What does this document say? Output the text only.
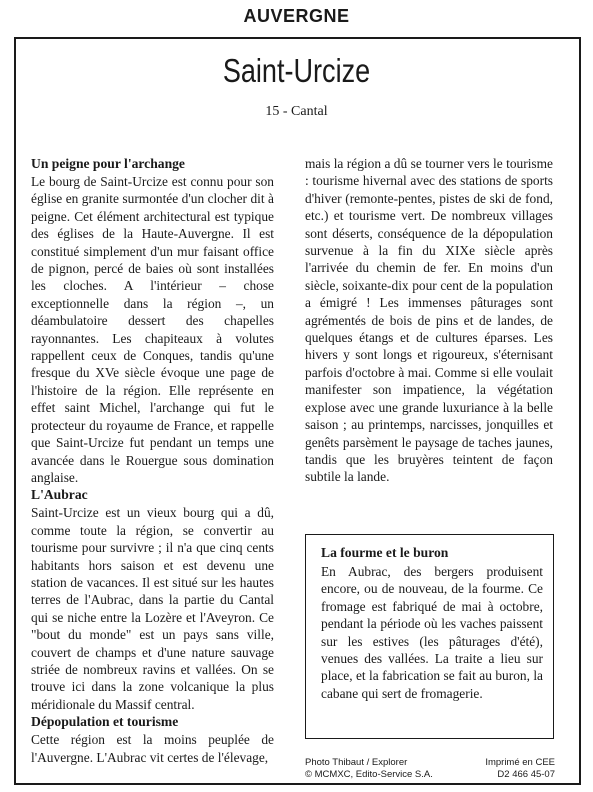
AUVERGNE
Saint-Urcize
15 - Cantal
Un peigne pour l'archange

Le bourg de Saint-Urcize est connu pour son église en granite surmontée d'un clocher dit à peigne. Cet élément architectural est typique des églises de la Haute-Auvergne. Il est constitué simplement d'un mur faisant office de pignon, percé de baies où sont installées les cloches. A l'intérieur – chose exceptionnelle dans la région –, un déambulatoire dessert des chapelles rayonnantes. Les chapiteaux à volutes rappellent ceux de Conques, tandis qu'une fresque du XVe siècle évoque une page de l'histoire de la région. Elle représente en effet saint Michel, l'archange qui fut le protecteur du royaume de France, et rappelle que Saint-Urcize fut pendant un temps une avancée dans le Rouergue sous domination anglaise.

L'Aubrac

Saint-Urcize est un vieux bourg qui a dû, comme toute la région, se convertir au tourisme pour survivre ; il n'a que cinq cents habitants hors saison et est devenu une station de vacances. Il est situé sur les hautes terres de l'Aubrac, dans la partie du Cantal qui se niche entre la Lozère et l'Aveyron. Ce "bout du monde" est un pays sans ville, couvert de champs et d'une nature sauvage striée de nombreux ravins et vallées. On se trouve ici dans la zone volcanique la plus méridionale du Massif central.

Dépopulation et tourisme

Cette région est la moins peuplée de l'Auvergne. L'Aubrac vit certes de l'élevage,

La fourme et le buron

En Aubrac, des bergers produisent encore, ou de nouveau, de la fourme. Ce fromage est fabriqué de mai à octobre, pendant la période où les vaches paissent sur les estives (les pâturages d'été), venues des vallées. La traite a lieu sur place, et la fabrication se fait au buron, la cabane qui sert de fromagerie.

Photo Thibaut / Explorer	Imprimé en CEE
© MCMXC, Edito-Service S.A.	D2 466 45-07

mais la région a dû se tourner vers le tourisme : tourisme hivernal avec des stations de sports d'hiver (remonte-pentes, pistes de ski de fond, etc.) et tourisme vert. De nombreux villages sont déserts, conséquence de la dépopulation survenue à la fin du XIXe siècle après l'arrivée du chemin de fer. En moins d'un siècle, soixante-dix pour cent de la population a émigré ! Les immenses pâturages sont agrémentés de bois de pins et de landes, de quelques étangs et de cultures éparses. Les hivers y sont longs et rigoureux, s'éternisant parfois d'octobre à mai. Comme si elle voulait manifester son impatience, la végétation explose avec une grande luxuriance à la belle saison ; au printemps, narcisses, jonquilles et genêts parsèment le paysage de taches jaunes, tandis que les bruyères teintent de façon subtile la lande.
